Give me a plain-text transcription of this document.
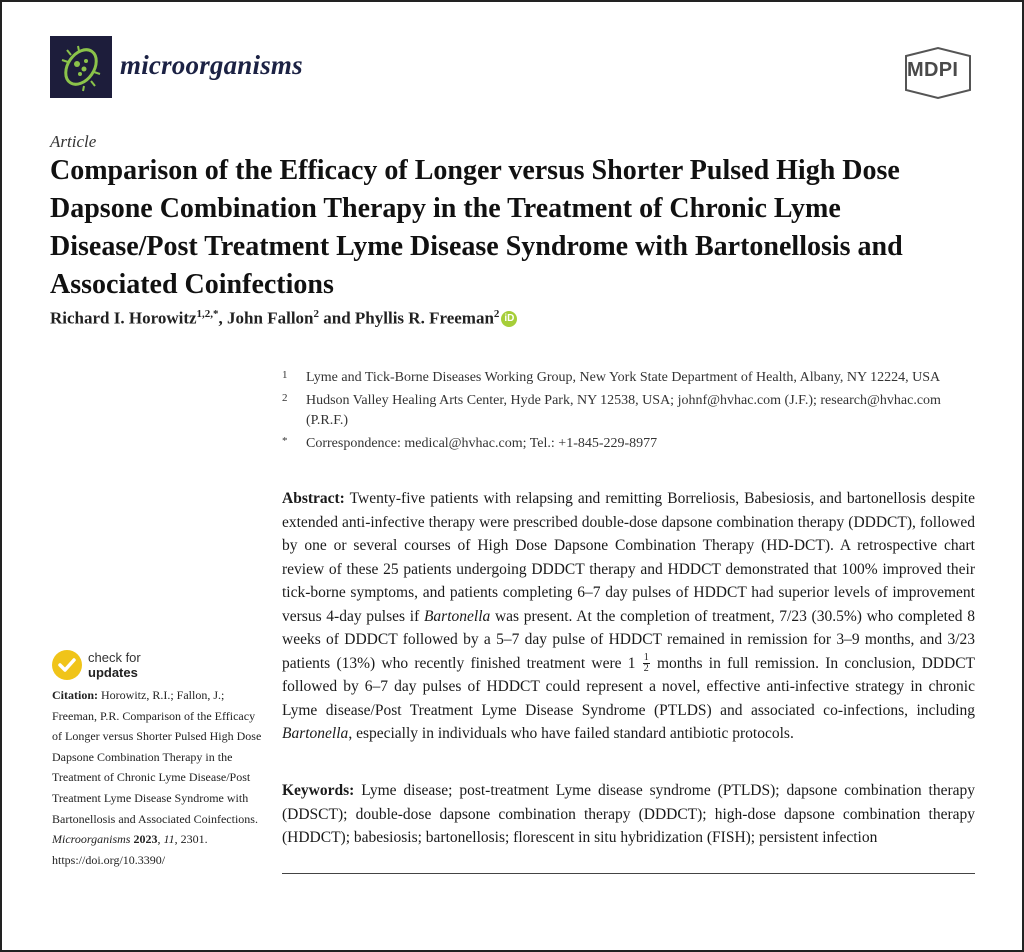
microorganisms	MDPI
Article
Comparison of the Efficacy of Longer versus Shorter Pulsed High Dose Dapsone Combination Therapy in the Treatment of Chronic Lyme Disease/Post Treatment Lyme Disease Syndrome with Bartonellosis and Associated Coinfections
Richard I. Horowitz$^{1,2,*}$, John Fallon$^2$ and Phyllis R. Freeman$^2$ iD
1 Lyme and Tick-Borne Diseases Working Group, New York State Department of Health, Albany, NY 12224, USA
2 Hudson Valley Healing Arts Center, Hyde Park, NY 12538, USA; johnf@hvhac.com (J.F.); research@hvhac.com (P.R.F.)
* Correspondence: medical@hvhac.com; Tel.: +1-845-229-8977
Abstract: Twenty-five patients with relapsing and remitting Borreliosis, Babesiosis, and bartonellosis despite extended anti-infective therapy were prescribed double-dose dapsone combination therapy (DDDCT), followed by one or several courses of High Dose Dapsone Combination Therapy (HD-DCT). A retrospective chart review of these 25 patients undergoing DDDCT therapy and HDDCT demonstrated that 100% improved their tick-borne symptoms, and patients completing 6–7 day pulses of HDDCT had superior levels of improvement versus 4-day pulses if Bartonella was present. At the completion of treatment, 7/23 (30.5%) who completed 8 weeks of DDDCT followed by a 5–7 day pulse of HDDCT remained in remission for 3–9 months, and 3/23 patients (13%) who recently finished treatment were $1 \frac{1}{2}$ months in full remission. In conclusion, DDDCT followed by 6–7 day pulses of HDDCT could represent a novel, effective anti-infective strategy in chronic Lyme disease/Post Treatment Lyme Disease Syndrome (PTLDS) and associated co-infections, including Bartonella, especially in individuals who have failed standard antibiotic protocols.
Keywords: Lyme disease; post-treatment Lyme disease syndrome (PTLDS); dapsone combination therapy (DDSCT); double-dose dapsone combination therapy (DDDCT); high-dose dapsone combination therapy (HDDCT); babesiosis; bartonellosis; florescent in situ hybridization (FISH); persistent infection
check for
updates
Citation: Horowitz, R.I.; Fallon, J.; Freeman, P.R. Comparison of the Efficacy of Longer versus Shorter Pulsed High Dose Dapsone Combination Therapy in the Treatment of Chronic Lyme Disease/Post Treatment Lyme Disease Syndrome with Bartonellosis and Associated Coinfections. Microorganisms 2023, 11, 2301. https://doi.org/10.3390/
